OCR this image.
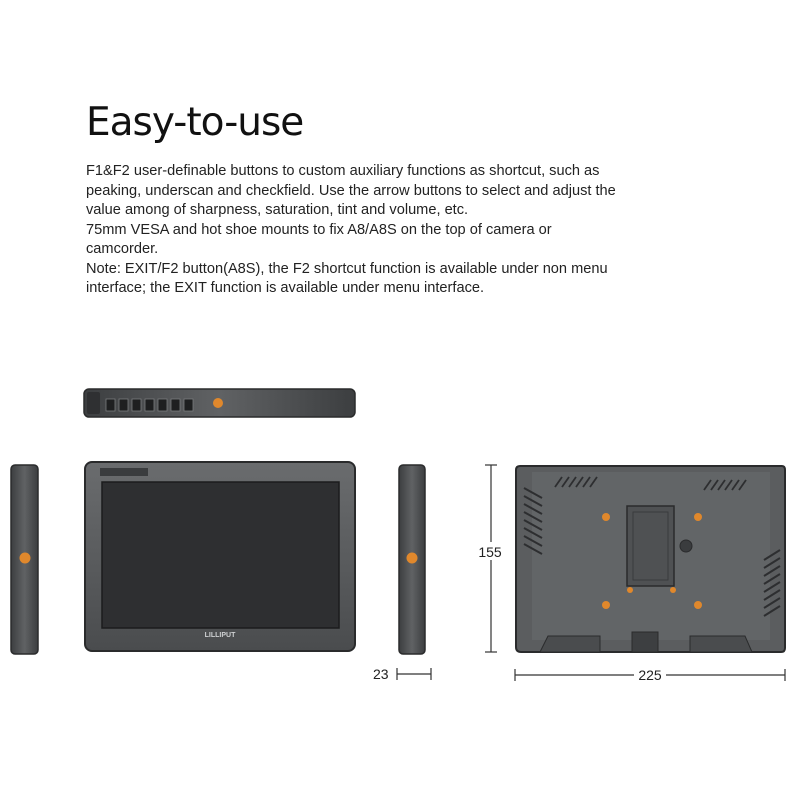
Easy-to-use
F1&F2 user-definable buttons to custom auxiliary functions as shortcut, such as
peaking, underscan and checkfield. Use the arrow buttons to select and adjust the
value among of sharpness, saturation, tint and volume, etc.
75mm VESA and hot shoe mounts to fix A8/A8S on the top of camera or
camcorder.
Note: EXIT/F2 button(A8S), the F2 shortcut function is available under non menu
interface; the EXIT function is available under menu interface.
LILLIPUT
23
155
225
